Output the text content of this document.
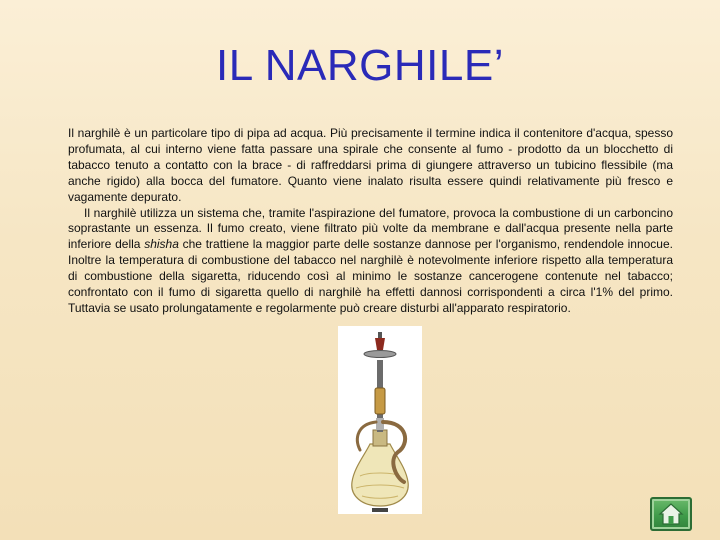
IL NARGHILE’

Il narghilè è un particolare tipo di pipa ad acqua. Più precisamente il termine indica il contenitore d'acqua, spesso profumata, al cui interno viene fatta passare una spirale che consente al fumo - prodotto da un blocchetto di tabacco tenuto a contatto con la brace - di raffreddarsi prima di giungere attraverso un tubicino flessibile (ma anche rigido) alla bocca del fumatore. Quanto viene inalato risulta essere quindi relativamente più fresco e vagamente depurato.

Il narghilè utilizza un sistema che, tramite l'aspirazione del fumatore, provoca la combustione di un carboncino soprastante un essenza. Il fumo creato, viene filtrato più volte da membrane e dall'acqua presente nella parte inferiore della shisha che trattiene la maggior parte delle sostanze dannose per l'organismo, rendendole innocue. Inoltre la temperatura di combustione del tabacco nel narghilè è notevolmente inferiore rispetto alla temperatura di combustione della sigaretta, riducendo così al minimo le sostanze cancerogene contenute nel tabacco; confrontato con il fumo di sigaretta quello di narghilè ha effetti dannosi corrispondenti a circa l'1% del primo. Tuttavia se usato prolungatamente e regolarmente può creare disturbi all'apparato respiratorio.
